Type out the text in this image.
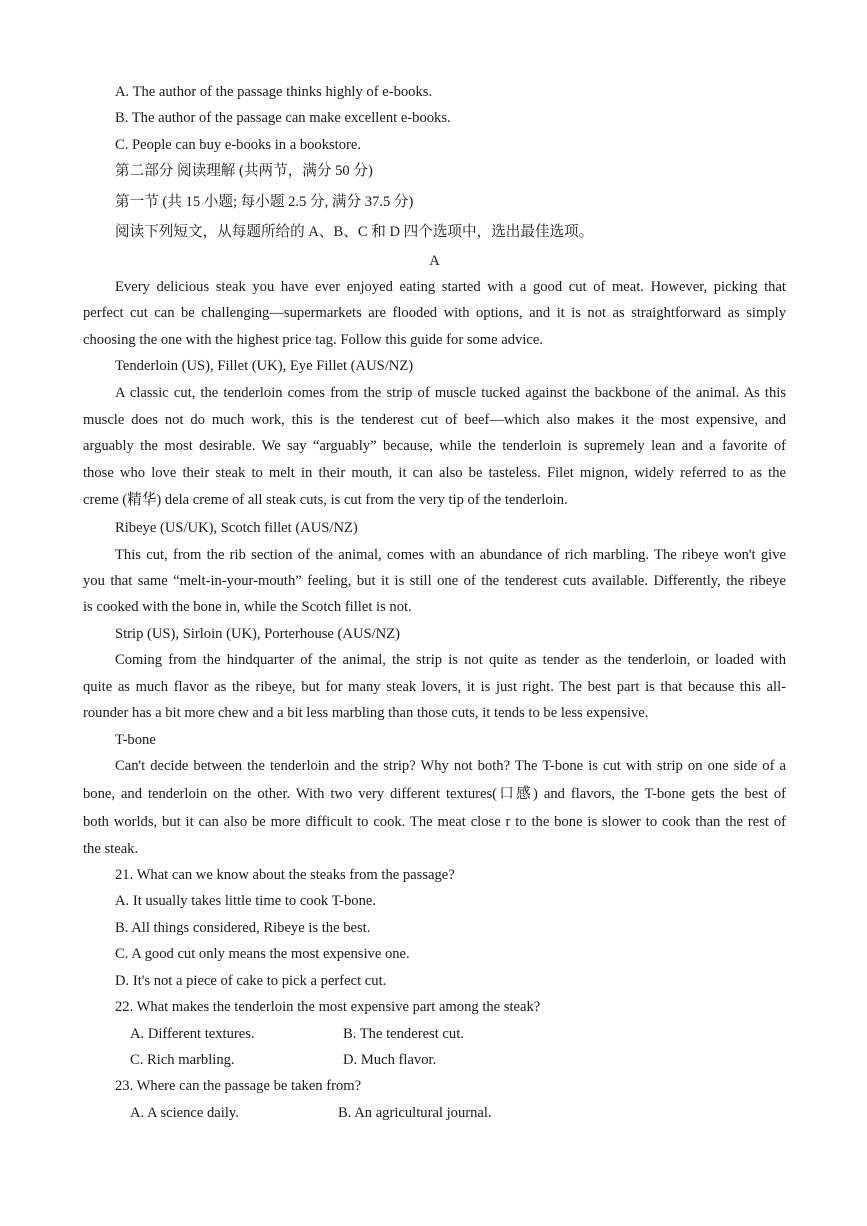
A. The author of the passage thinks highly of e-books.
B. The author of the passage can make excellent e-books.
C. People can buy e-books in a bookstore.
第二部分 阅读理解 (共两节，满分 50 分)
第一节 (共 15 小题; 每小题 2.5 分, 满分 37.5 分)
阅读下列短文，从每题所给的 A、B、C 和 D 四个选项中，选出最佳选项。
A
Every delicious steak you have ever enjoyed eating started with a good cut of meat. However, picking that
perfect cut can be challenging—supermarkets are flooded with options, and it is not as straightforward as simply
choosing the one with the highest price tag. Follow this guide for some advice.
Tenderloin (US), Fillet (UK), Eye Fillet (AUS/NZ)
A classic cut, the tenderloin comes from the strip of muscle tucked against the backbone of the animal. As this
muscle does not do much work, this is the tenderest cut of beef—which also makes it the most expensive, and
arguably the most desirable. We say “arguably” because, while the tenderloin is supremely lean and a favorite of
those who love their steak to melt in their mouth, it can also be tasteless. Filet mignon, widely referred to as the
creme (精华) dela creme of all steak cuts, is cut from the very tip of the tenderloin.
Ribeye (US/UK), Scotch fillet (AUS/NZ)
This cut, from the rib section of the animal, comes with an abundance of rich marbling. The ribeye won't give
you that same “melt-in-your-mouth” feeling, but it is still one of the tenderest cuts available. Differently, the ribeye
is cooked with the bone in, while the Scotch fillet is not.
Strip (US), Sirloin (UK), Porterhouse (AUS/NZ)
Coming from the hindquarter of the animal, the strip is not quite as tender as the tenderloin, or loaded with
quite as much flavor as the ribeye, but for many steak lovers, it is just right. The best part is that because this all-
rounder has a bit more chew and a bit less marbling than those cuts, it tends to be less expensive.
T-bone
Can't decide between the tenderloin and the strip? Why not both? The T-bone is cut with strip on one side of a
bone, and tenderloin on the other. With two very different textures(口感) and flavors, the T-bone gets the best of
both worlds, but it can also be more difficult to cook. The meat close r to the bone is slower to cook than the rest of
the steak.
21. What can we know about the steaks from the passage?
A. It usually takes little time to cook T-bone.
B. All things considered, Ribeye is the best.
C. A good cut only means the most expensive one.
D. It's not a piece of cake to pick a perfect cut.
22. What makes the tenderloin the most expensive part among the steak?
A. Different textures.	B. The tenderest cut.
C. Rich marbling.	D. Much flavor.
23. Where can the passage be taken from?
A. A science daily.	B. An agricultural journal.
